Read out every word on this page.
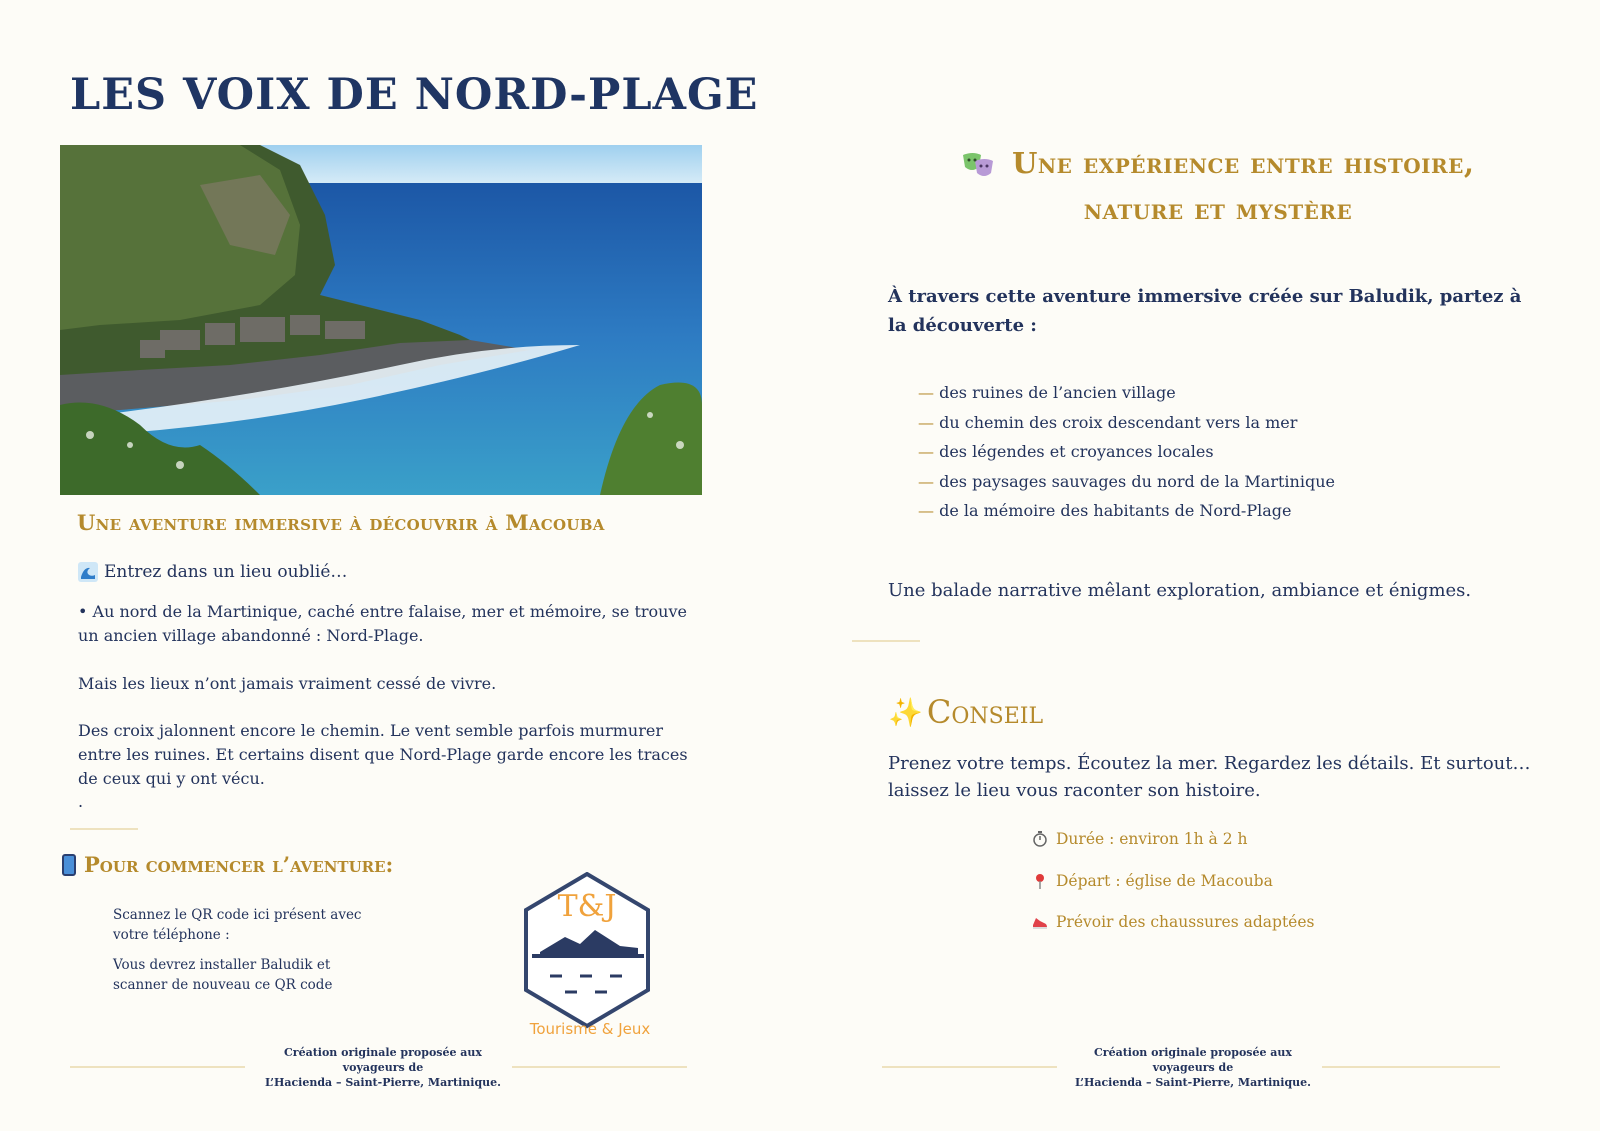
LES VOIX DE NORD-PLAGE
Une aventure immersive à découvrir à Macouba
Entrez dans un lieu oublié…

• Au nord de la Martinique, caché entre falaise, mer et mémoire, se trouve un ancien village abandonné : Nord-Plage.

Mais les lieux n’ont jamais vraiment cessé de vivre.

Des croix jalonnent encore le chemin. Le vent semble parfois murmurer entre les ruines. Et certains disent que Nord-Plage garde encore les traces de ceux qui y ont vécu.

.

Pour commencer l’aventure:

Scannez le QR code ici présent avec votre téléphone :

Vous devrez installer Baludik et scanner de nouveau ce QR code

T&J
Tourisme & Jeux
Création originale proposée aux voyageurs de
L’Hacienda – Saint-Pierre, Martinique.
Une expérience entre histoire,
nature et mystère

À travers cette aventure immersive créée sur Baludik, partez à la découverte :

— des ruines de l’ancien village
— du chemin des croix descendant vers la mer
— des légendes et croyances locales
— des paysages sauvages du nord de la Martinique
— de la mémoire des habitants de Nord-Plage

Une balade narrative mêlant exploration, ambiance et énigmes.

✨ Conseil

Prenez votre temps. Écoutez la mer. Regardez les détails. Et surtout… laissez le lieu vous raconter son histoire.

Durée : environ 1h à 2 h
Départ : église de Macouba
Prévoir des chaussures adaptées
Création originale proposée aux voyageurs de
L’Hacienda – Saint-Pierre, Martinique.
